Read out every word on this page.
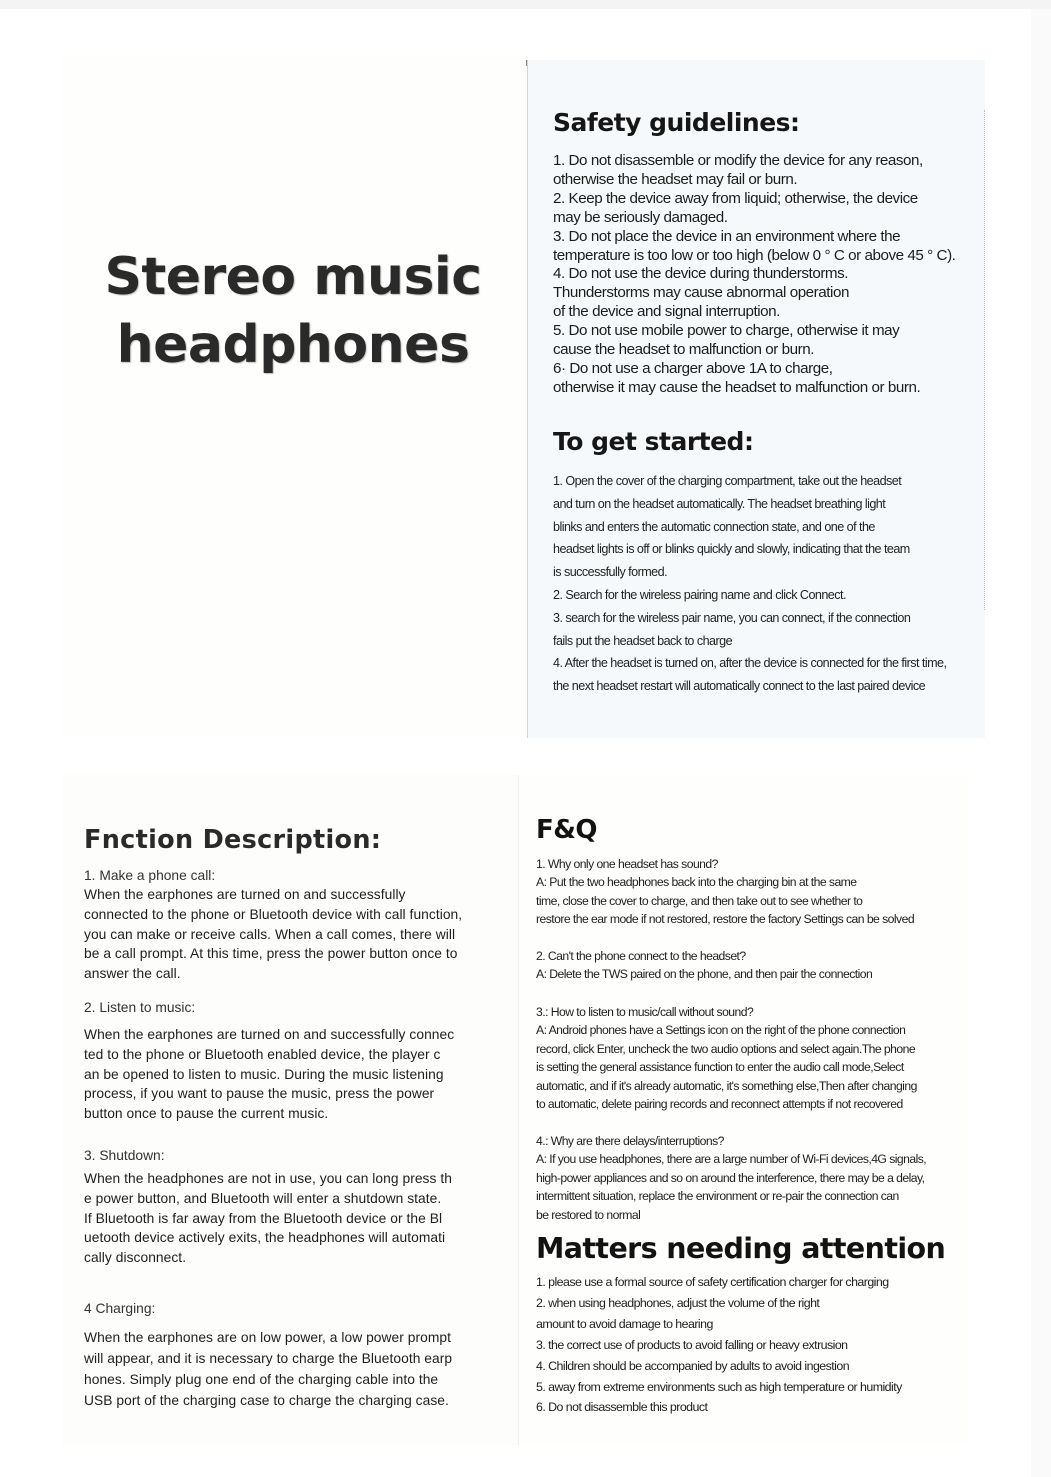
Stereo music
headphones
Safety guidelines:
1. Do not disassemble or modify the device for any reason,
otherwise the headset may fail or burn.
2. Keep the device away from liquid; otherwise, the device
may be seriously damaged.
3. Do not place the device in an environment where the
temperature is too low or too high (below 0 ° C or above 45 ° C).
4. Do not use the device during thunderstorms.
Thunderstorms may cause abnormal operation
of the device and signal interruption.
5. Do not use mobile power to charge, otherwise it may
cause the headset to malfunction or burn.
6· Do not use a charger above 1A to charge,
otherwise it may cause the headset to malfunction or burn.
To get started:
1. Open the cover of the charging compartment, take out the headset
and turn on the headset automatically. The headset breathing light
blinks and enters the automatic connection state, and one of the
headset lights is off or blinks quickly and slowly, indicating that the team
is successfully formed.
2. Search for the wireless pairing name and click Connect.
3. search for the wireless pair name, you can connect, if the connection
fails put the headset back to charge
4. After the headset is turned on, after the device is connected for the first time,
the next headset restart will automatically connect to the last paired device
Fnction Description:
1. Make a phone call:
When the earphones are turned on and successfully
connected to the phone or Bluetooth device with call function,
you can make or receive calls. When a call comes, there will
be a call prompt. At this time, press the power button once to
answer the call.
2. Listen to music:
When the earphones are turned on and successfully connec
ted to the phone or Bluetooth enabled device, the player c
an be opened to listen to music. During the music listening
process, if you want to pause the music, press the power
button once to pause the current music.
3. Shutdown:
When the headphones are not in use, you can long press th
e power button, and Bluetooth will enter a shutdown state.
If Bluetooth is far away from the Bluetooth device or the Bl
uetooth device actively exits, the headphones will automati
cally disconnect.
4 Charging:
When the earphones are on low power, a low power prompt
will appear, and it is necessary to charge the Bluetooth earp
hones. Simply plug one end of the charging cable into the
USB port of the charging case to charge the charging case.
F&Q
1. Why only one headset has sound?
A: Put the two headphones back into the charging bin at the same
time, close the cover to charge, and then take out to see whether to
restore the ear mode if not restored, restore the factory Settings can be solved
2. Can't the phone connect to the headset?
A: Delete the TWS paired on the phone, and then pair the connection
3.: How to listen to music/call without sound?
A: Android phones have a Settings icon on the right of the phone connection
record, click Enter, uncheck the two audio options and select again.The phone
is setting the general assistance function to enter the audio call mode,Select
automatic, and if it's already automatic, it's something else,Then after changing
to automatic, delete pairing records and reconnect attempts if not recovered
4.: Why are there delays/interruptions?
A: If you use headphones, there are a large number of Wi-Fi devices,4G signals,
high-power appliances and so on around the interference, there may be a delay,
intermittent situation, replace the environment or re-pair the connection can
be restored to normal
Matters needing attention
1. please use a formal source of safety certification charger for charging
2. when using headphones, adjust the volume of the right
amount to avoid damage to hearing
3. the correct use of products to avoid falling or heavy extrusion
4. Children should be accompanied by adults to avoid ingestion
5. away from extreme environments such as high temperature or humidity
6. Do not disassemble this product
